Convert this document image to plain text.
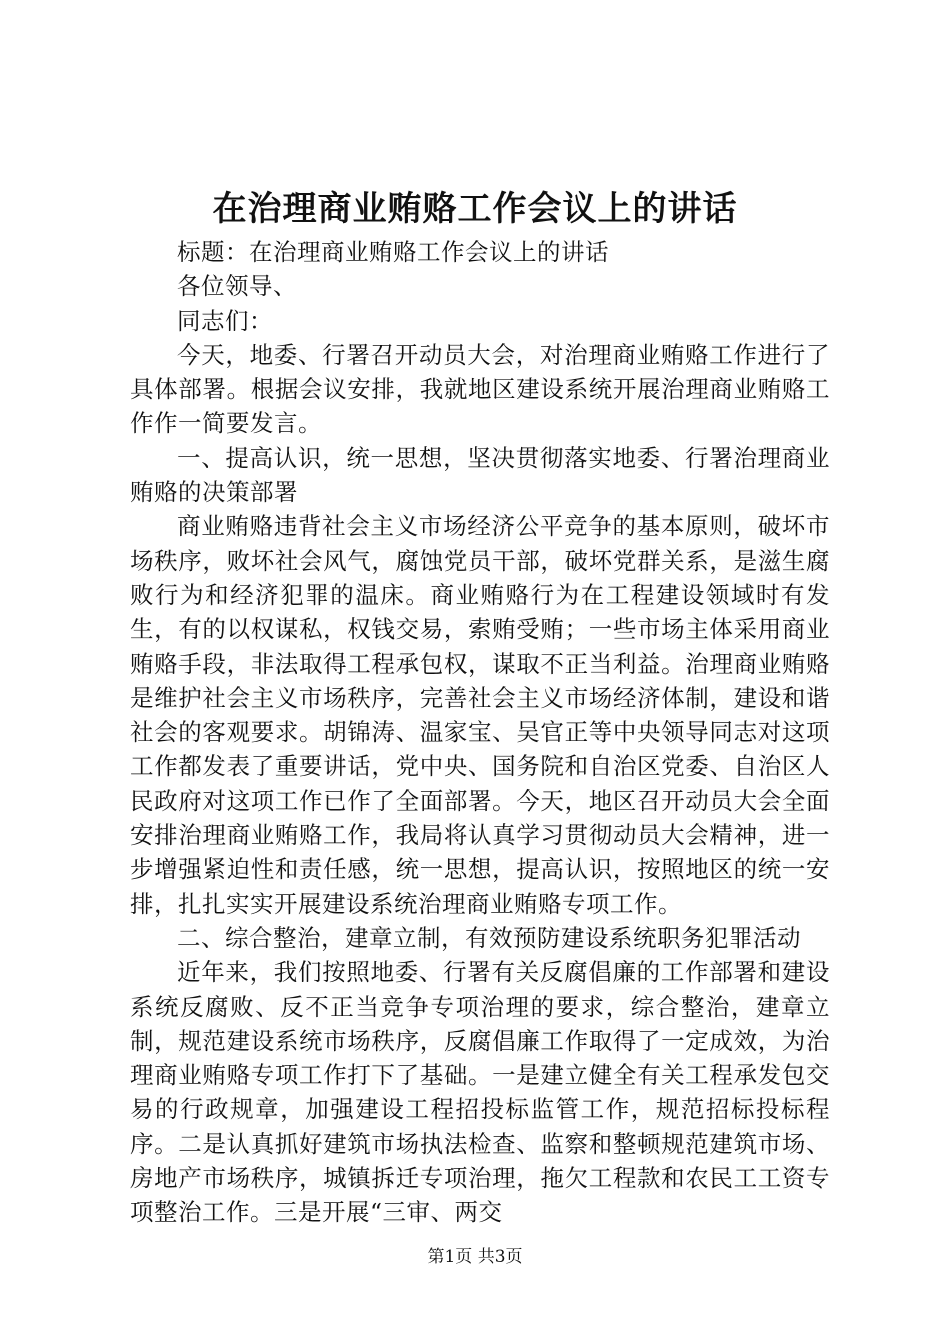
在治理商业贿赂工作会议上的讲话

标题：在治理商业贿赂工作会议上的讲话

各位领导、

同志们：

今天，地委、行署召开动员大会，对治理商业贿赂工作进行了具体部署。根据会议安排，我就地区建设系统开展治理商业贿赂工作作一简要发言。

一、提高认识，统一思想，坚决贯彻落实地委、行署治理商业贿赂的决策部署

商业贿赂违背社会主义市场经济公平竞争的基本原则，破坏市场秩序，败坏社会风气，腐蚀党员干部，破坏党群关系，是滋生腐败行为和经济犯罪的温床。商业贿赂行为在工程建设领域时有发生，有的以权谋私，权钱交易，索贿受贿；一些市场主体采用商业贿赂手段，非法取得工程承包权，谋取不正当利益。治理商业贿赂是维护社会主义市场秩序，完善社会主义市场经济体制，建设和谐社会的客观要求。胡锦涛、温家宝、吴官正等中央领导同志对这项工作都发表了重要讲话，党中央、国务院和自治区党委、自治区人民政府对这项工作已作了全面部署。今天，地区召开动员大会全面安排治理商业贿赂工作，我局将认真学习贯彻动员大会精神，进一步增强紧迫性和责任感，统一思想，提高认识，按照地区的统一安排，扎扎实实开展建设系统治理商业贿赂专项工作。

二、综合整治，建章立制，有效预防建设系统职务犯罪活动

近年来，我们按照地委、行署有关反腐倡廉的工作部署和建设系统反腐败、反不正当竞争专项治理的要求，综合整治，建章立制，规范建设系统市场秩序，反腐倡廉工作取得了一定成效，为治理商业贿赂专项工作打下了基础。一是建立健全有关工程承发包交易的行政规章，加强建设工程招投标监管工作，规范招标投标程序。二是认真抓好建筑市场执法检查、监察和整顿规范建筑市场、房地产市场秩序，城镇拆迁专项治理，拖欠工程款和农民工工资专项整治工作。三是开展“三审、两交

第1页 共3页
